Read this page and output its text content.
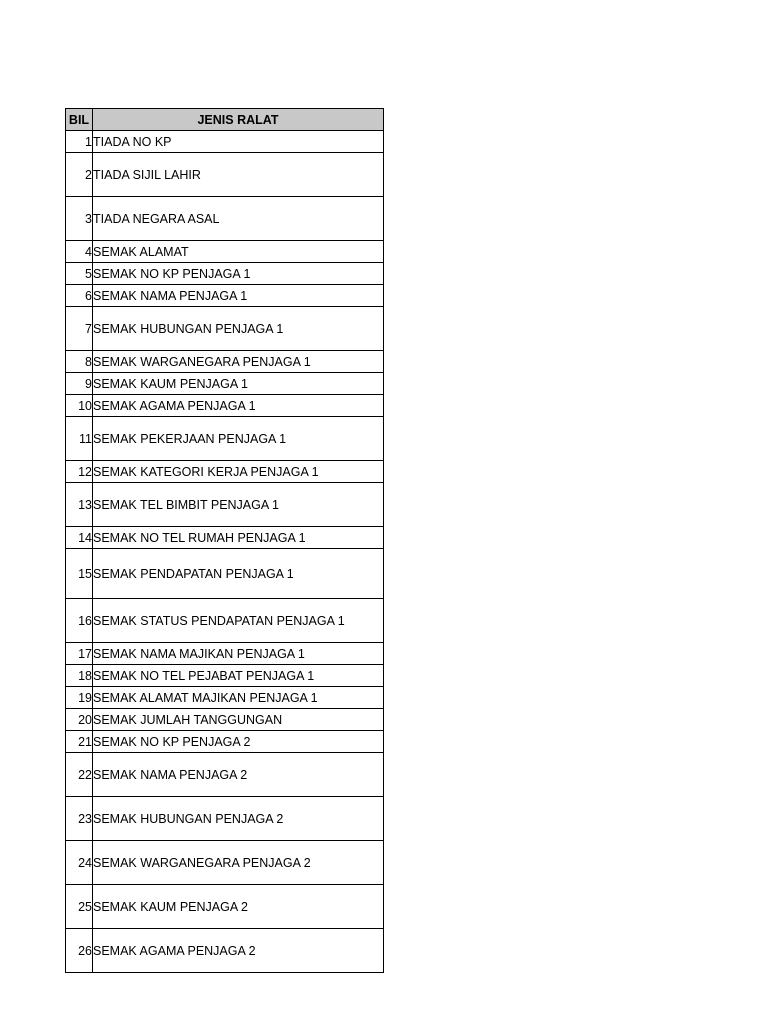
BIL	JENIS RALAT
1	TIADA NO KP
2	TIADA SIJIL LAHIR
3	TIADA NEGARA ASAL
4	SEMAK ALAMAT
5	SEMAK NO KP PENJAGA 1
6	SEMAK NAMA PENJAGA 1
7	SEMAK HUBUNGAN PENJAGA 1
8	SEMAK WARGANEGARA PENJAGA 1
9	SEMAK KAUM PENJAGA 1
10	SEMAK AGAMA PENJAGA 1
11	SEMAK PEKERJAAN PENJAGA 1
12	SEMAK KATEGORI KERJA PENJAGA 1
13	SEMAK TEL BIMBIT PENJAGA 1
14	SEMAK NO TEL RUMAH PENJAGA 1
15	SEMAK PENDAPATAN PENJAGA 1
16	SEMAK STATUS PENDAPATAN PENJAGA 1
17	SEMAK NAMA MAJIKAN PENJAGA 1
18	SEMAK NO TEL PEJABAT PENJAGA 1
19	SEMAK ALAMAT MAJIKAN PENJAGA 1
20	SEMAK JUMLAH TANGGUNGAN
21	SEMAK NO KP PENJAGA 2
22	SEMAK NAMA PENJAGA 2
23	SEMAK HUBUNGAN PENJAGA 2
24	SEMAK WARGANEGARA PENJAGA 2
25	SEMAK KAUM PENJAGA 2
26	SEMAK AGAMA PENJAGA 2
